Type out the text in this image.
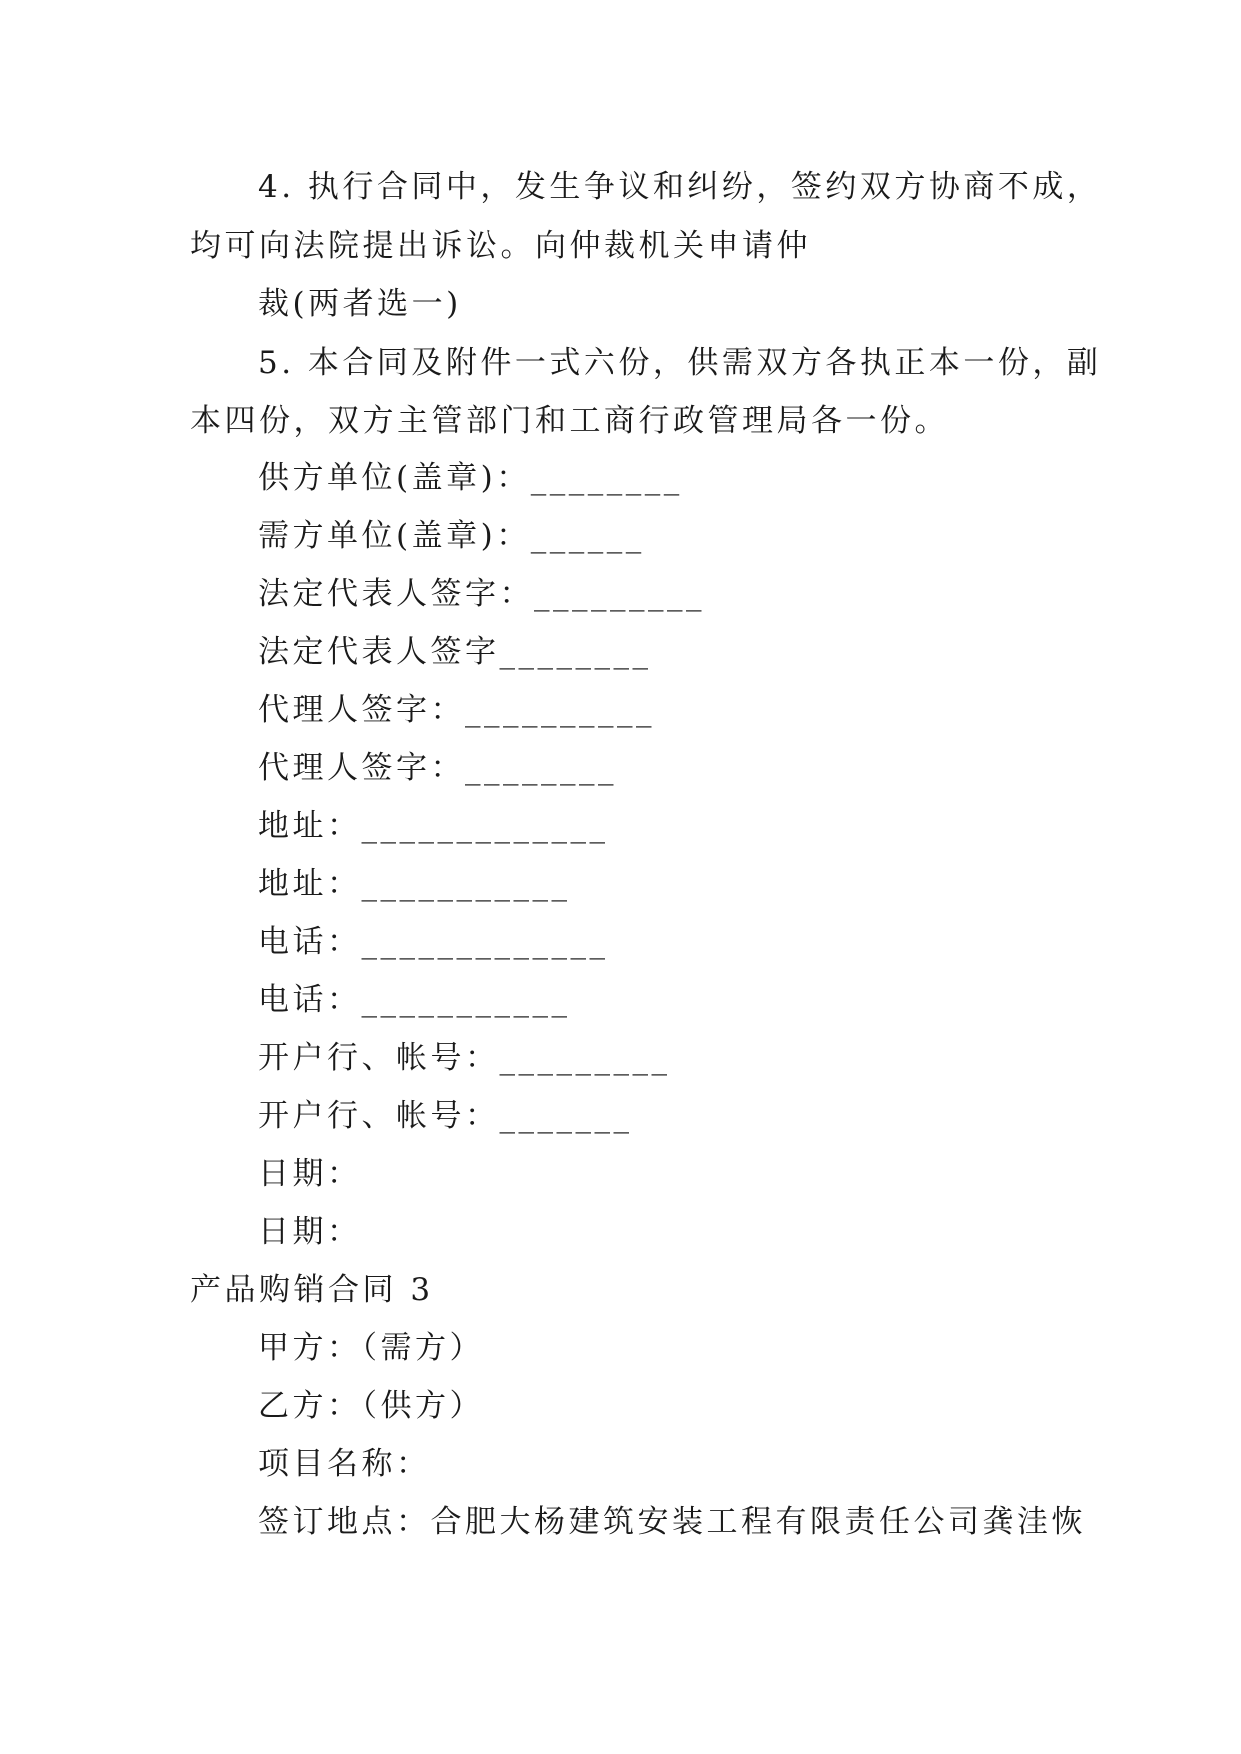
4. 执行合同中，发生争议和纠纷，签约双方协商不成，
均可向法院提出诉讼。向仲裁机关申请仲
裁(两者选一)
5. 本合同及附件一式六份，供需双方各执正本一份，副
本四份，双方主管部门和工商行政管理局各一份。
供方单位(盖章)：________
需方单位(盖章)：______
法定代表人签字：_________
法定代表人签字________
代理人签字：__________
代理人签字：________
地址：_____________
地址：___________
电话：_____________
电话：___________
开户行、帐号：_________
开户行、帐号：_______
日期：
日期：
产品购销合同 3
甲方：（需方）
乙方：（供方）
项目名称：
签订地点：合肥大杨建筑安装工程有限责任公司龚洼恢
